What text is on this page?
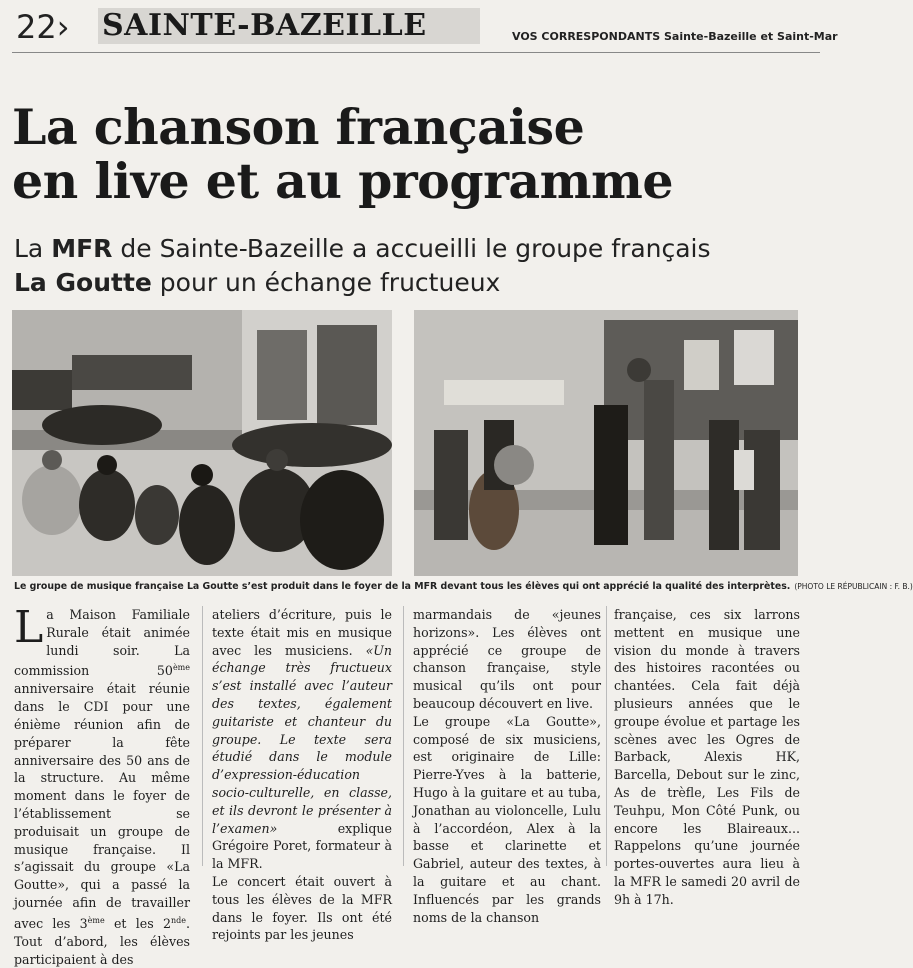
22› SAINTE-BAZEILLE	VOS CORRESPONDANTS Sainte-Bazeille et Saint-Mar
La chanson française
en live et au programme

La MFR de Sainte-Bazeille a accueilli le groupe français
La Goutte pour un échange fructueux

Le groupe de musique française La Goutte s’est produit dans le foyer de la MFR devant tous les élèves qui ont apprécié la qualité des interprètes. (PHOTO LE RÉPUBLICAIN : F. B.)

La Maison Familiale Rurale était animée lundi soir. La commission 50ème anniversaire était réunie dans le CDI pour une énième réunion afin de préparer la fête anniversaire des 50 ans de la structure. Au même moment dans le foyer de l’établissement se produisait un groupe de musique française. Il s’agissait du groupe «La Goutte», qui a passé la journée afin de travailler avec les 3ème et les 2nde. Tout d’abord, les élèves participaient à des

ateliers d’écriture, puis le texte était mis en musique avec les musiciens. «Un échange très fructueux s’est installé avec l’auteur des textes, également guitariste et chanteur du groupe. Le texte sera étudié dans le module d’expression-éducation socio-culturelle, en classe, et ils devront le présenter à l’examen» explique Grégoire Poret, formateur à la MFR.

Le concert était ouvert à tous les élèves de la MFR dans le foyer. Ils ont été rejoints par les jeunes

marmandais de «jeunes horizons». Les élèves ont apprécié ce groupe de chanson française, style musical qu’ils ont pour beaucoup découvert en live.

Le groupe «La Goutte», composé de six musiciens, est originaire de Lille: Pierre-Yves à la batterie, Hugo à la guitare et au tuba, Jonathan au violoncelle, Lulu à l’accordéon, Alex à la basse et clarinette et Gabriel, auteur des textes, à la guitare et au chant. Influencés par les grands noms de la chanson

française, ces six larrons mettent en musique une vision du monde à travers des histoires racontées ou chantées. Cela fait déjà plusieurs années que le groupe évolue et partage les scènes avec les Ogres de Barback, Alexis HK, Barcella, Debout sur le zinc, As de trèfle, Les Fils de Teuhpu, Mon Côté Punk, ou encore les Blaireaux... Rappelons qu’une journée portes-ouvertes aura lieu à la MFR le samedi 20 avril de 9h à 17h.
